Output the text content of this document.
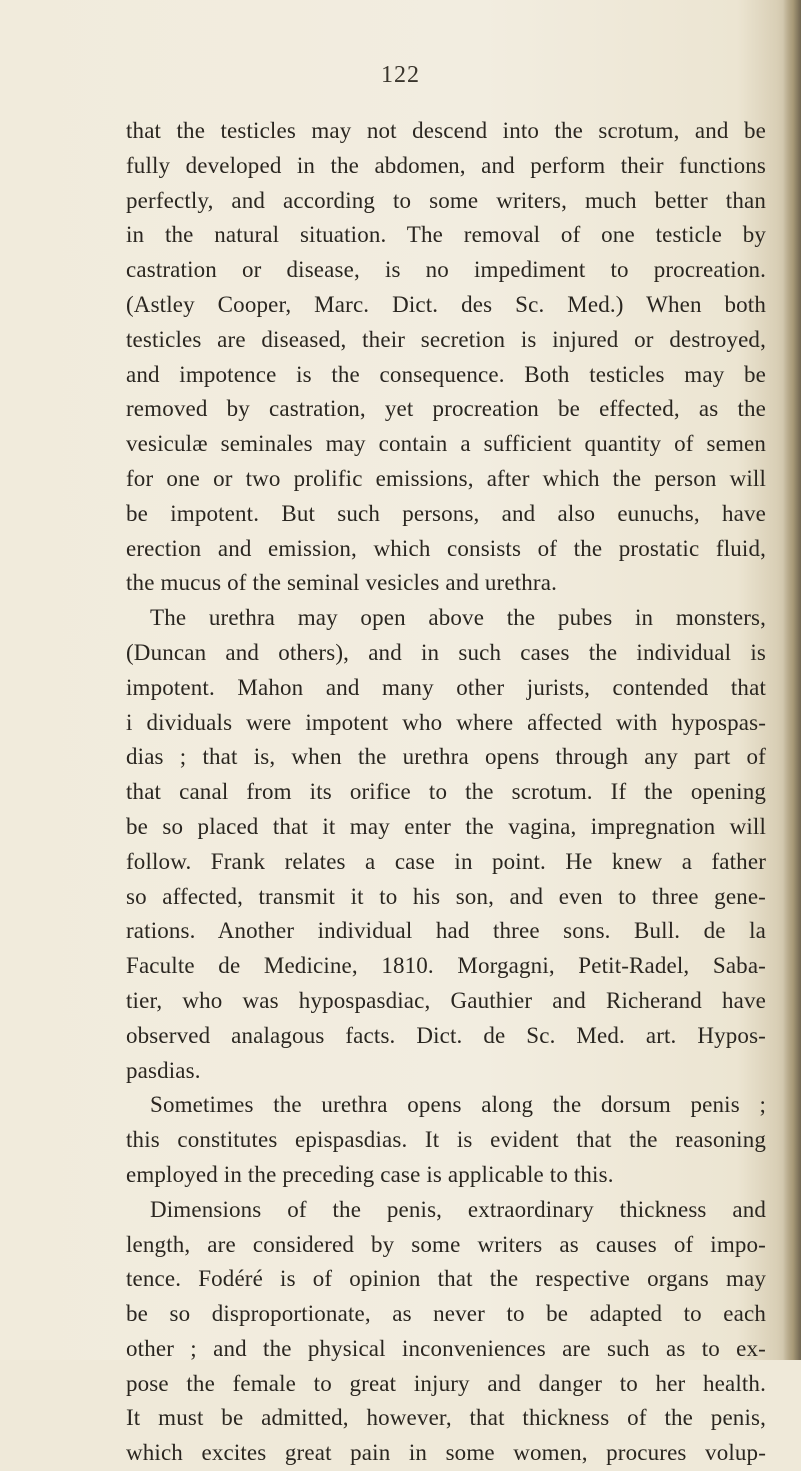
122
that the testicles may not descend into the scrotum, and be
fully developed in the abdomen, and perform their functions
perfectly, and according to some writers, much better than
in the natural situation. The removal of one testicle by
castration or disease, is no impediment to procreation.
(Astley Cooper, Marc. Dict. des Sc. Med.) When both
testicles are diseased, their secretion is injured or destroyed,
and impotence is the consequence. Both testicles may be
removed by castration, yet procreation be effected, as the
vesiculæ seminales may contain a sufficient quantity of semen
for one or two prolific emissions, after which the person will
be impotent. But such persons, and also eunuchs, have
erection and emission, which consists of the prostatic fluid,
the mucus of the seminal vesicles and urethra.
The urethra may open above the pubes in monsters,
(Duncan and others), and in such cases the individual is
impotent. Mahon and many other jurists, contended that
i dividuals were impotent who where affected with hypospas-
dias ; that is, when the urethra opens through any part of
that canal from its orifice to the scrotum. If the opening
be so placed that it may enter the vagina, impregnation will
follow. Frank relates a case in point. He knew a father
so affected, transmit it to his son, and even to three gene-
rations. Another individual had three sons. Bull. de la
Faculte de Medicine, 1810. Morgagni, Petit-Radel, Saba-
tier, who was hypospasdiac, Gauthier and Richerand have
observed analagous facts. Dict. de Sc. Med. art. Hypos-
pasdias.
Sometimes the urethra opens along the dorsum penis ;
this constitutes epispasdias. It is evident that the reasoning
employed in the preceding case is applicable to this.
Dimensions of the penis, extraordinary thickness and
length, are considered by some writers as causes of impo-
tence. Fodéré is of opinion that the respective organs may
be so disproportionate, as never to be adapted to each
other ; and the physical inconveniences are such as to ex-
pose the female to great injury and danger to her health.
It must be admitted, however, that thickness of the penis,
which excites great pain in some women, procures volup-
